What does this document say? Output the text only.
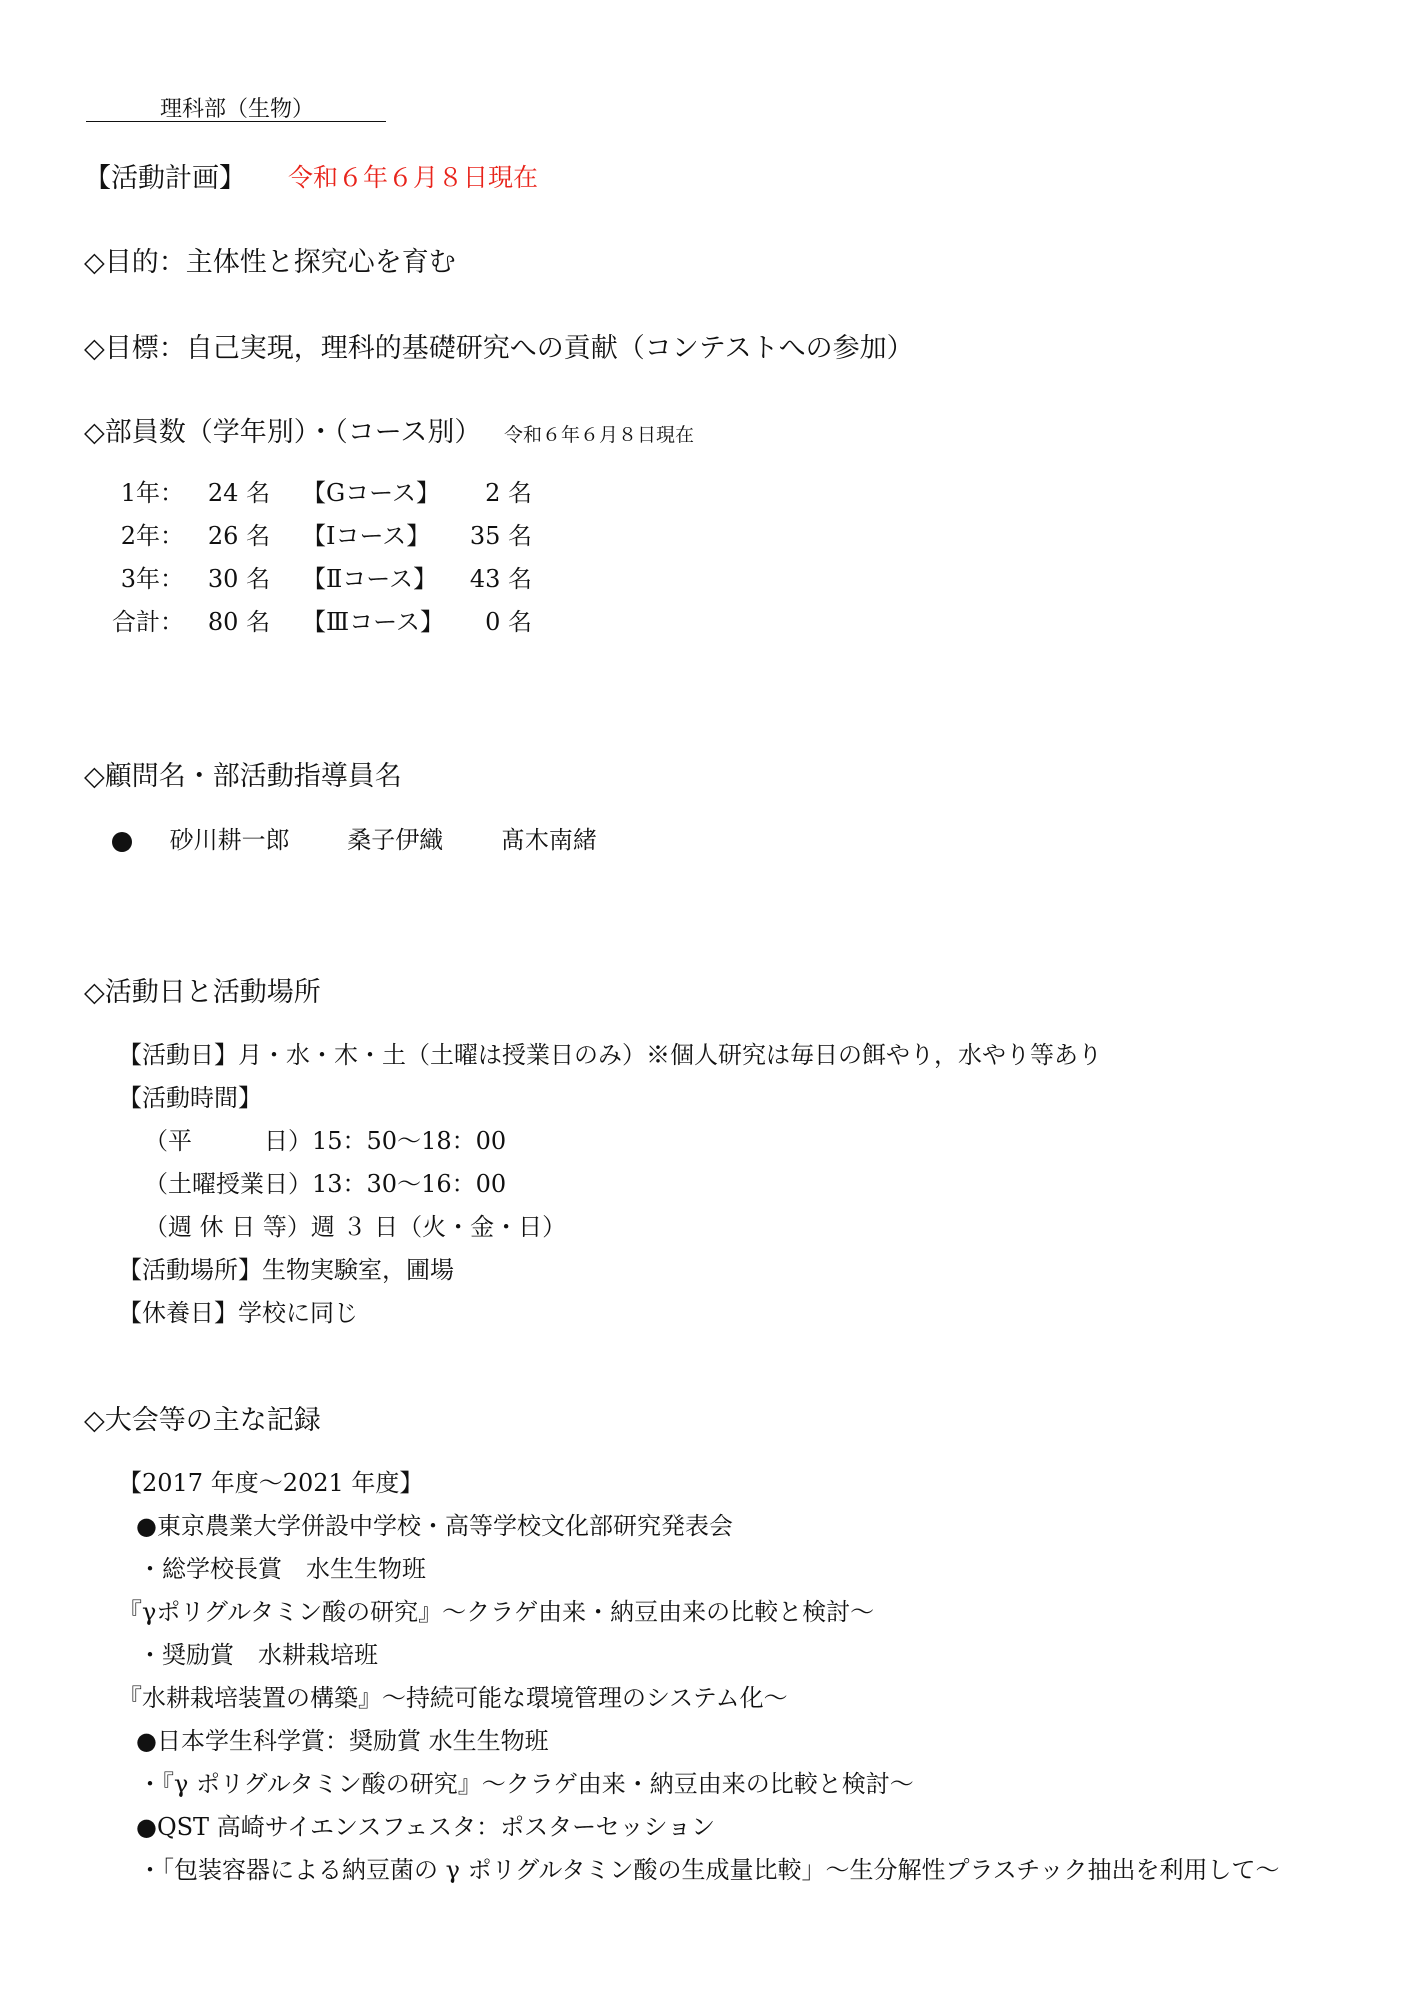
理科部（生物）
【活動計画】 令和６年６月８日現在
◇目的：主体性と探究心を育む
◇目標：自己実現，理科的基礎研究への貢献（コンテストへの参加）
◇部員数（学年別）・（コース別） 令和６年６月８日現在
1年：	24 名	【Gコース】	2 名
2年：	26 名	【Ⅰコース】	35 名
3年：	30 名	【Ⅱコース】	43 名
合計：	80 名	【Ⅲコース】	0 名
◇顧問名・部活動指導員名
砂川耕一郎 桑子伊織 髙木南緒
◇活動日と活動場所
【活動日】月・水・木・土（土曜は授業日のみ）※個人研究は毎日の餌やり，水やり等あり
【活動時間】
（平　　　日）15：50〜18：00
（土曜授業日）13：30〜16：00
（週 休 日 等）週 ３ 日（火・金・日）
【活動場所】生物実験室，圃場
【休養日】学校に同じ
◇大会等の主な記録
【2017 年度〜2021 年度】
●東京農業大学併設中学校・高等学校文化部研究発表会
・総学校長賞　水生生物班
『γポリグルタミン酸の研究』〜クラゲ由来・納豆由来の比較と検討〜
・奨励賞　水耕栽培班
『水耕栽培装置の構築』〜持続可能な環境管理のシステム化〜
●日本学生科学賞：奨励賞 水生生物班
・『γ ポリグルタミン酸の研究』〜クラゲ由来・納豆由来の比較と検討〜
●QST 高崎サイエンスフェスタ：ポスターセッション
・「包装容器による納豆菌の γ ポリグルタミン酸の生成量比較」〜生分解性プラスチック抽出を利用して〜
